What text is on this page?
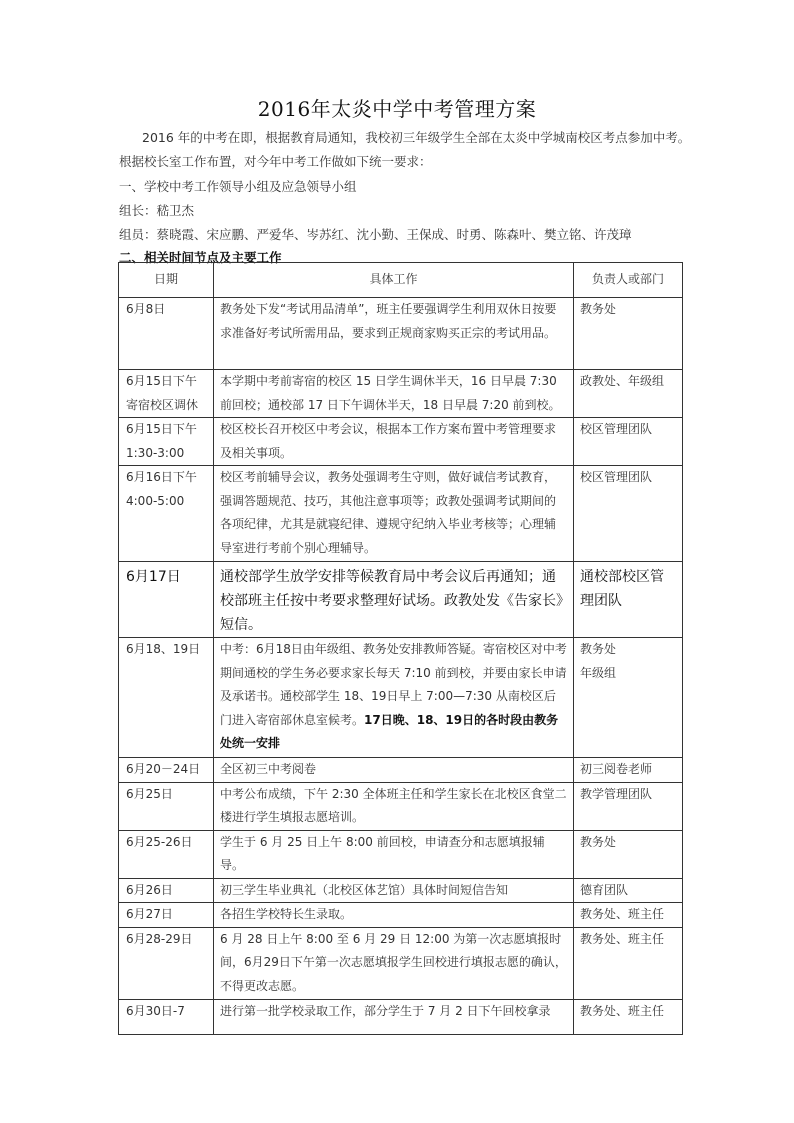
2016年太炎中学中考管理方案
2016 年的中考在即，根据教育局通知，我校初三年级学生全部在太炎中学城南校区考点参加中考。
根据校长室工作布置，对今年中考工作做如下统一要求：
一、学校中考工作领导小组及应急领导小组
组长：嵇卫杰
组员：蔡晓霞、宋应鹏、严爱华、岑苏红、沈小勤、王保成、时勇、陈森叶、樊立铭、许茂璋
二、相关时间节点及主要工作
日期	具体工作	负责人或部门
6月8日	教务处下发“考试用品清单”，班主任要强调学生利用双休日按要求准备好考试所需用品，要求到正规商家购买正宗的考试用品。	教务处
6月15日下午寄宿校区调休	本学期中考前寄宿的校区 15 日学生调休半天，16 日早晨 7:30 前回校；通校部 17 日下午调休半天，18 日早晨 7:20 前到校。	政教处、年级组
6月15日下午1:30-3:00	校区校长召开校区中考会议，根据本工作方案布置中考管理要求及相关事项。	校区管理团队
6月16日下午4:00-5:00	校区考前辅导会议，教务处强调考生守则，做好诚信考试教育，强调答题规范、技巧，其他注意事项等；政教处强调考试期间的各项纪律，尤其是就寝纪律、遵规守纪纳入毕业考核等；心理辅导室进行考前个别心理辅导。	校区管理团队
6月17日	通校部学生放学安排等候教育局中考会议后再通知；通校部班主任按中考要求整理好试场。政教处发《告家长》短信。	通校部校区管理团队
6月18、19日	中考：6月18日由年级组、教务处安排教师答疑。寄宿校区对中考期间通校的学生务必要求家长每天 7:10 前到校，并要由家长申请及承诺书。通校部学生 18、19日早上 7:00—7:30 从南校区后门进入寄宿部休息室候考。17日晚、18、19日的各时段由教务处统一安排	教务处
年级组
6月20－24日	全区初三中考阅卷	初三阅卷老师
6月25日	中考公布成绩，下午 2:30 全体班主任和学生家长在北校区食堂二楼进行学生填报志愿培训。	教学管理团队
6月25-26日	学生于 6 月 25 日上午 8:00 前回校，申请查分和志愿填报辅导。	教务处
6月26日	初三学生毕业典礼（北校区体艺馆）具体时间短信告知	德育团队
6月27日	各招生学校特长生录取。	教务处、班主任
6月28-29日	6 月 28 日上午 8:00 至 6 月 29 日 12:00 为第一次志愿填报时间，6月29日下午第一次志愿填报学生回校进行填报志愿的确认，不得更改志愿。	教务处、班主任
6月30日-7	进行第一批学校录取工作，部分学生于 7 月 2 日下午回校拿录	教务处、班主任
